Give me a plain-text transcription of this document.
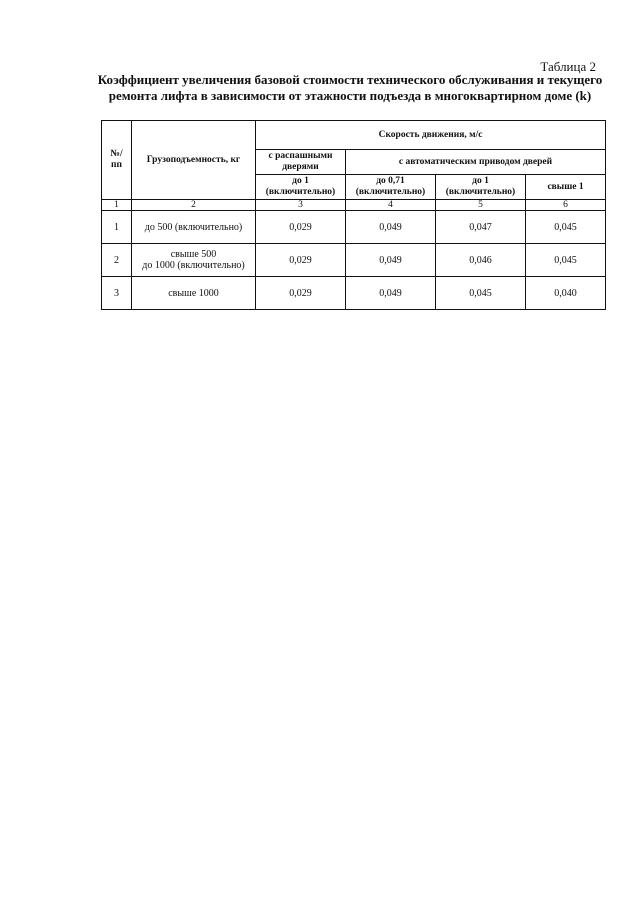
Таблица 2
Коэффициент увеличения базовой стоимости технического обслуживания и текущего
ремонта лифта в зависимости от этажности подъезда в многоквартирном доме (k)
№/ пп	Грузоподъемность, кг	Скорость движения, м/с			
		с распашными дверями	с автоматическим приводом дверей		
		до 1 (включительно)	до 0,71 (включительно)	до 1 (включительно)	свыше 1
1	2	3	4	5	6
1	до 500 (включительно)	0,029	0,049	0,047	0,045
2	свыше 500
до 1000 (включительно)	0,029	0,049	0,046	0,045
3	свыше 1000	0,029	0,049	0,045	0,040
